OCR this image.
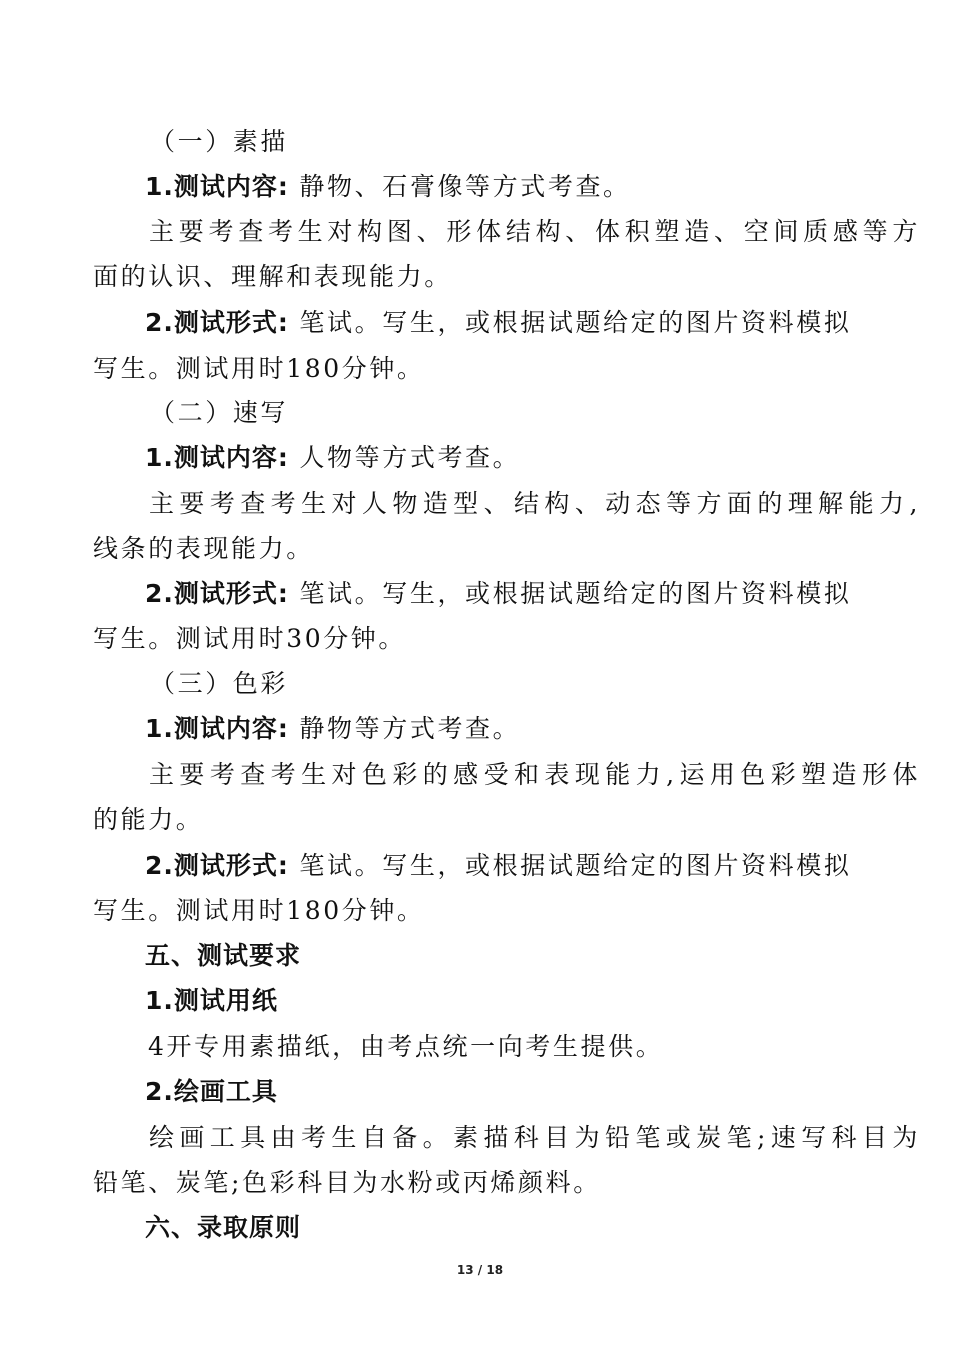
（一）素描

1.测试内容: 静物、石膏像等方式考查。

主要考查考生对构图、形体结构、体积塑造、空间质感等方

面的认识、理解和表现能力。

2.测试形式: 笔试。写生，或根据试题给定的图片资料模拟

写生。测试用时180分钟。

（二）速写

1.测试内容: 人物等方式考查。

主要考查考生对人物造型、结构、动态等方面的理解能力,

线条的表现能力。

2.测试形式: 笔试。写生，或根据试题给定的图片资料模拟

写生。测试用时30分钟。

（三）色彩

1.测试内容: 静物等方式考查。

主要考查考生对色彩的感受和表现能力,运用色彩塑造形体

的能力。

2.测试形式: 笔试。写生，或根据试题给定的图片资料模拟

写生。测试用时180分钟。

五、测试要求

1.测试用纸

4开专用素描纸，由考点统一向考生提供。

2.绘画工具

绘画工具由考生自备。素描科目为铅笔或炭笔;速写科目为

铅笔、炭笔;色彩科目为水粉或丙烯颜料。

六、录取原则

13 / 18
